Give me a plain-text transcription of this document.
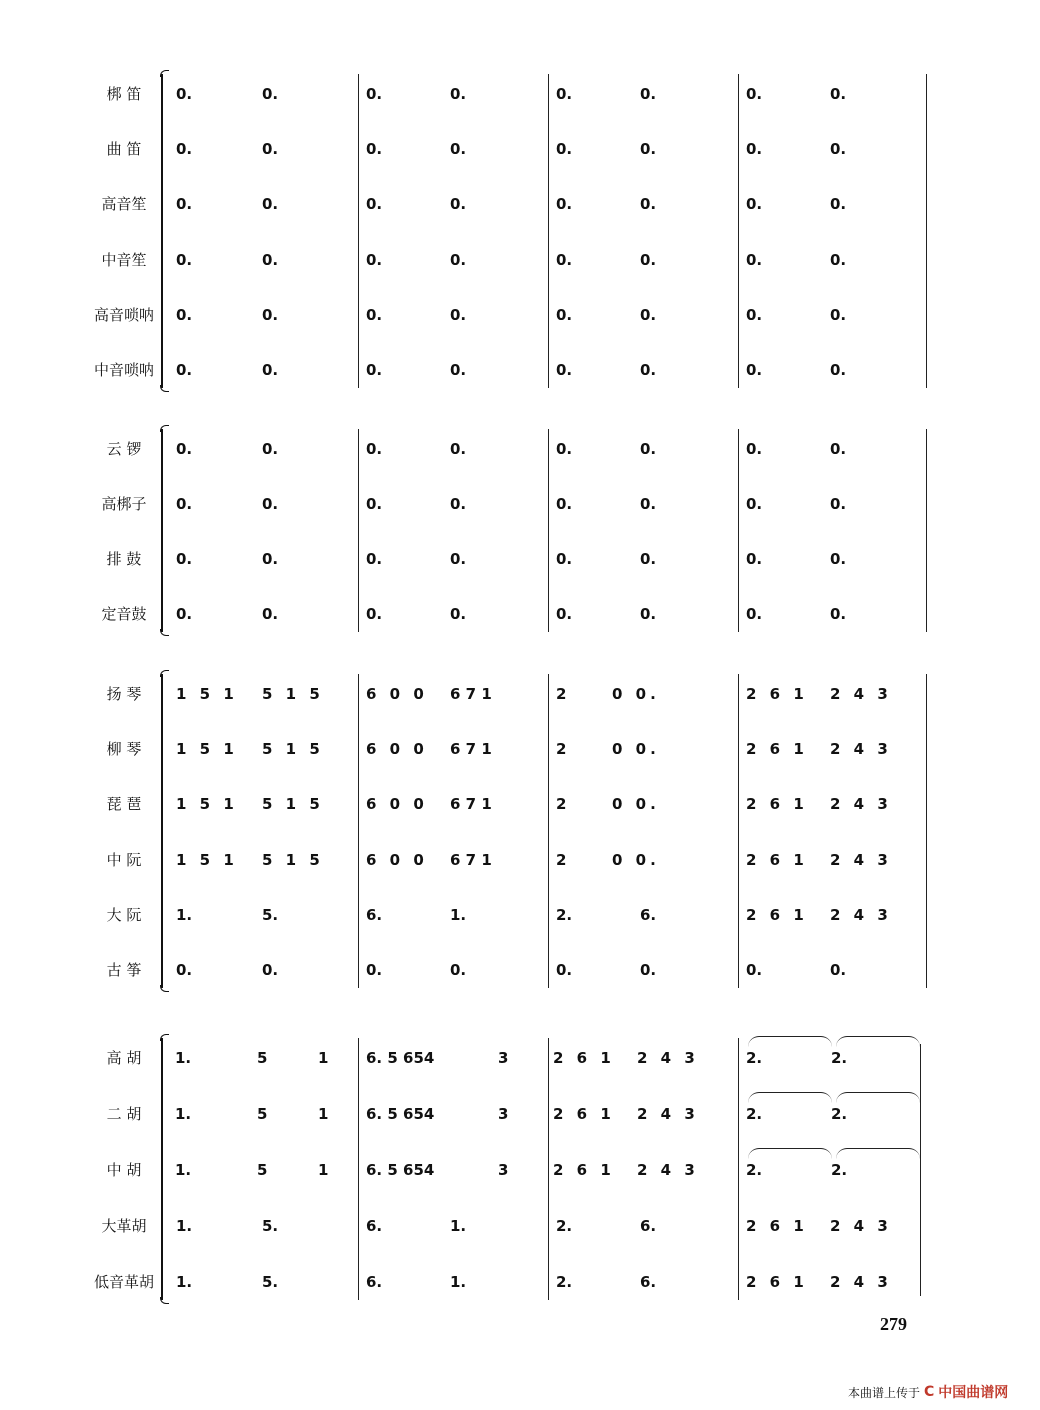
279
本曲谱上传于 C 中国曲谱网
梆 笛	0.	0.	0.	0.	0.	0.	0.	0.
曲 笛	0.	0.	0.	0.	0.	0.	0.	0.
高音笙	0.	0.	0.	0.	0.	0.	0.	0.
中音笙	0.	0.	0.	0.	0.	0.	0.	0.
高音唢呐	0.	0.	0.	0.	0.	0.	0.	0.
中音唢呐	0.	0.	0.	0.	0.	0.	0.	0.
云 锣	0.	0.	0.	0.	0.	0.	0.	0.
高梆子	0.	0.	0.	0.	0.	0.	0.	0.
排 鼓	0.	0.	0.	0.	0.	0.	0.	0.
定音鼓	0.	0.	0.	0.	0.	0.	0.	0.
扬 琴	1 5 1 5 1 5	6 0 0 6 7 1	2	0 0.	2 6 1 2 4 3
柳 琴	1 5 1 5 1 5	6 0 0 6 7 1	2	0 0.	2 6 1 2 4 3
琵 琶	1 5 1 5 1 5	6 0 0 6 7 1	2	0 0.	2 6 1 2 4 3
中 阮	1 5 1 5 1 5	6 0 0 6 7 1	2	0 0.	2 6 1 2 4 3
大 阮	1.	5.	6.	1.	2.	6.	2 6 1 2 4 3
古 筝	0.	0.	0.	0.	0.	0.	0.	0.
高 胡	1.	5	1	6. 5 654	3	2 6 1 2 4 3	2.	2.
二 胡	1.	5	1	6. 5 654	3	2 6 1 2 4 3	2.	2.
中 胡	1.	5	1	6. 5 654	3	2 6 1 2 4 3	2.	2.
大革胡	1.	5.	6.	1.	2.	6.	2 6 1 2 4 3
低音革胡	1.	5.	6.	1.	2.	6.	2 6 1 2 4 3
